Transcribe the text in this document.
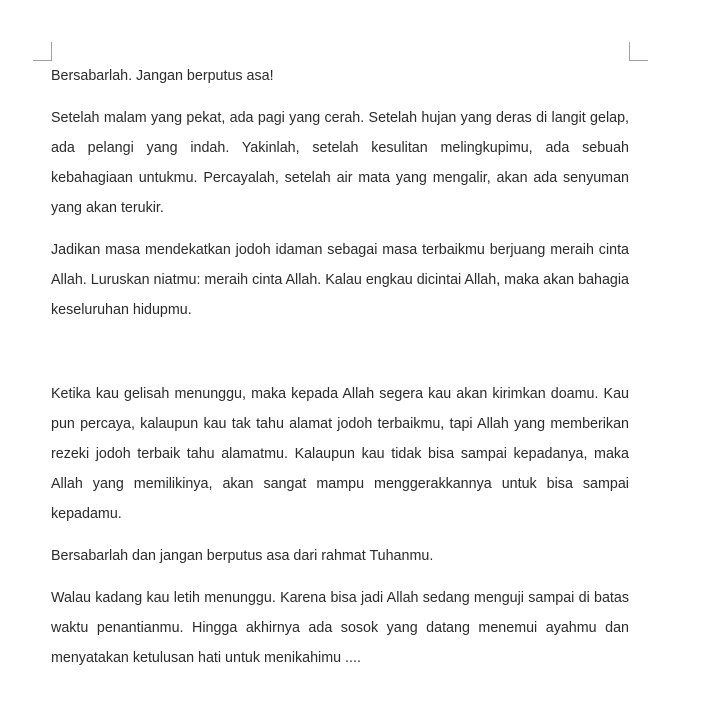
Bersabarlah. Jangan berputus asa!

Setelah malam yang pekat, ada pagi yang cerah. Setelah hujan yang deras di langit gelap, ada pelangi yang indah. Yakinlah, setelah kesulitan melingkupimu, ada sebuah kebahagiaan untukmu. Percayalah, setelah air mata yang mengalir, akan ada senyuman yang akan terukir.

Jadikan masa mendekatkan jodoh idaman sebagai masa terbaikmu berjuang meraih cinta Allah. Luruskan niatmu: meraih cinta Allah. Kalau engkau dicintai Allah, maka akan bahagia keseluruhan hidupmu.

Ketika kau gelisah menunggu, maka kepada Allah segera kau akan kirimkan doamu. Kau pun percaya, kalaupun kau tak tahu alamat jodoh terbaikmu, tapi Allah yang memberikan rezeki jodoh terbaik tahu alamatmu. Kalaupun kau tidak bisa sampai kepadanya, maka Allah yang memilikinya, akan sangat mampu menggerakkannya untuk bisa sampai kepadamu.

Bersabarlah dan jangan berputus asa dari rahmat Tuhanmu.

Walau kadang kau letih menunggu. Karena bisa jadi Allah sedang menguji sampai di batas waktu penantianmu. Hingga akhirnya ada sosok yang datang menemui ayahmu dan menyatakan ketulusan hati untuk menikahimu ....
